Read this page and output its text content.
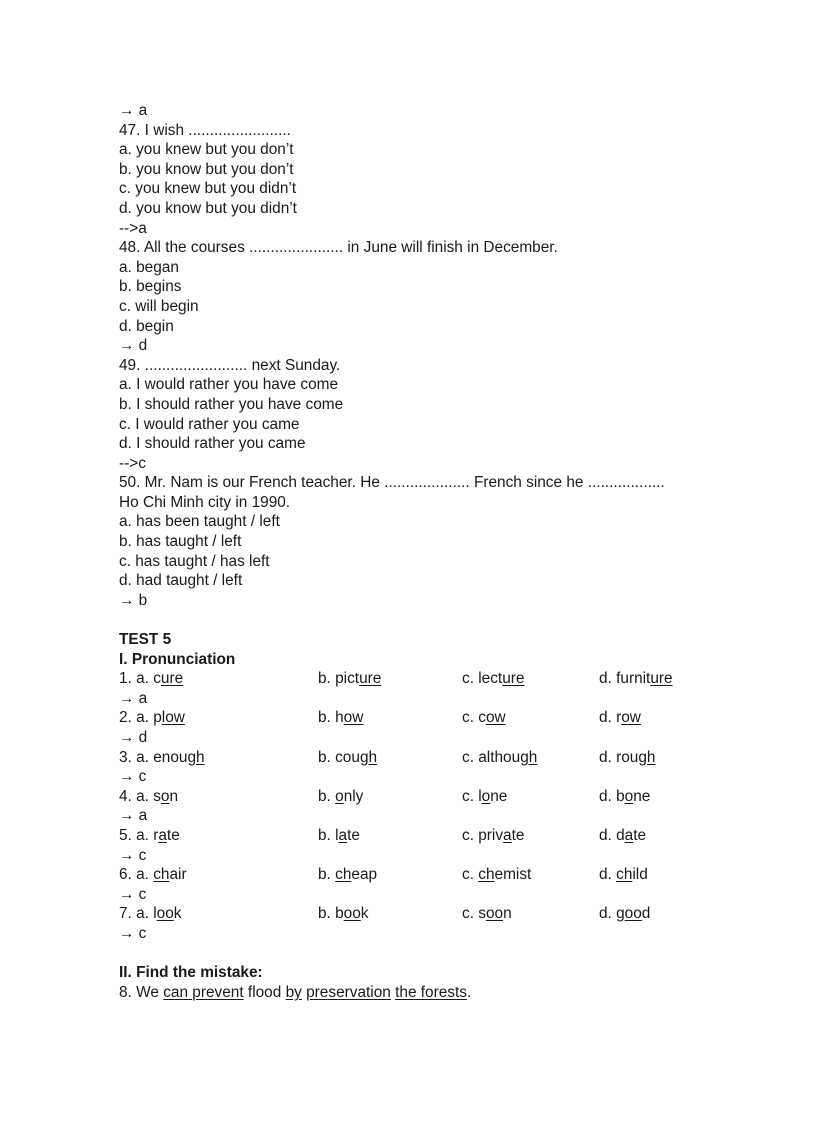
→ a
47. I wish ........................
a. you knew but you don’t
b. you know but you don’t
c. you knew but you didn’t
d. you know but you didn’t
-->a
48. All the courses ...................... in June will finish in December.
a. began
b. begins
c. will begin
d. begin
→ d
49. ........................ next Sunday.
a. I would rather you have come
b. I should rather you have come
c. I would rather you came
d. I should rather you came
-->c
50. Mr. Nam is our French teacher. He .................... French since he ..................
Ho Chi Minh city in 1990.
a. has been taught / left
b. has taught / left
c. has taught / has left
d. had taught / left
→ b
TEST 5
I. Pronunciation
1. a. cure	b. picture	c. lecture	d. furniture
→ a
2. a. plow	b. how	c. cow	d. row
→ d
3. a. enough	b. cough	c. although	d. rough
→ c
4. a. son	b. only	c. lone	d. bone
→ a
5. a. rate	b. late	c. private	d. date
→ c
6. a. chair	b. cheap	c. chemist	d. child
→ c
7. a. look	b. book	c. soon	d. good
→ c
II. Find the mistake:
8. We can prevent flood by preservation the forests.
